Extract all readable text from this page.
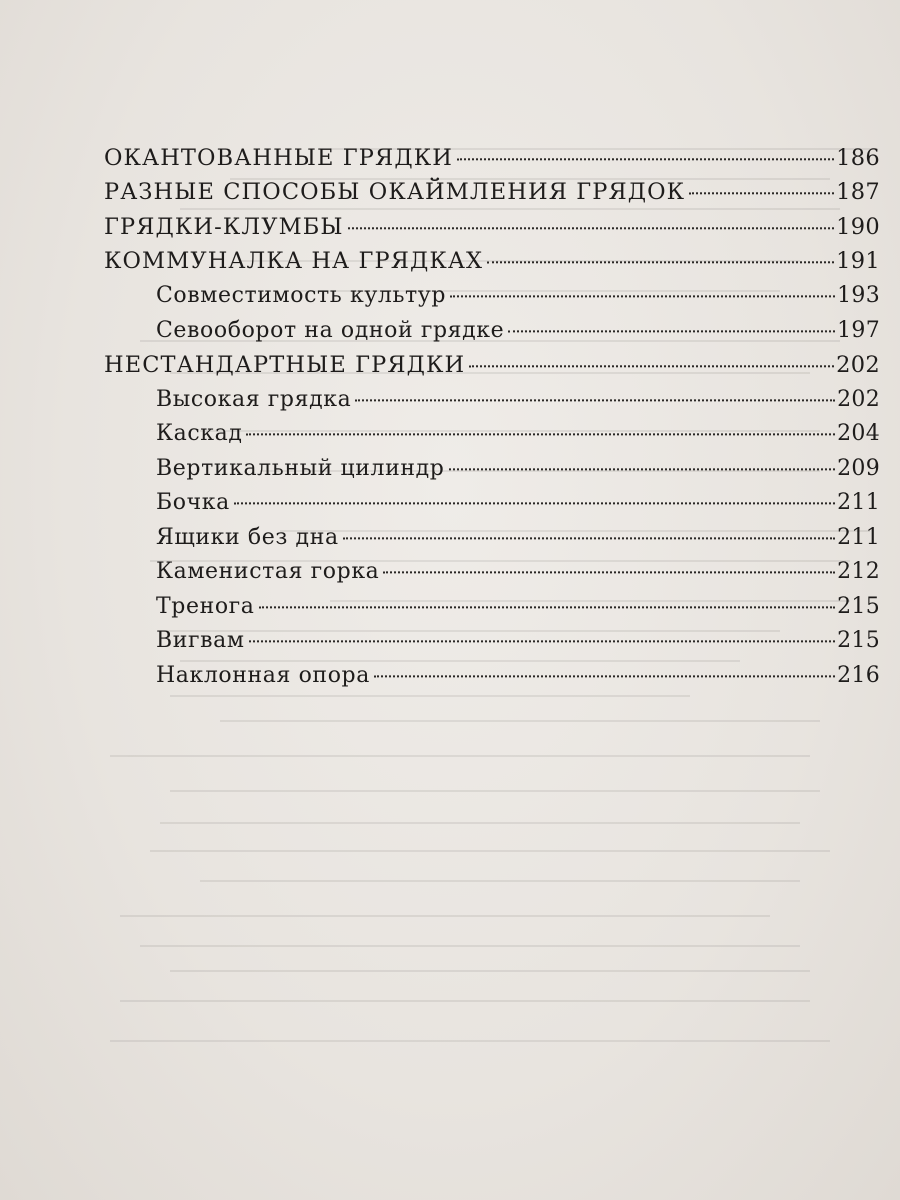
ОКАНТОВАННЫЕ ГРЯДКИ	186
РАЗНЫЕ СПОСОБЫ ОКАЙМЛЕНИЯ ГРЯДОК	187
ГРЯДКИ-КЛУМБЫ	190
КОММУНАЛКА НА ГРЯДКАХ	191
Совместимость культур	193
Севооборот на одной грядке	197
НЕСТАНДАРТНЫЕ ГРЯДКИ	202
Высокая грядка	202
Каскад	204
Вертикальный цилиндр	209
Бочка	211
Ящики без дна	211
Каменистая горка	212
Тренога	215
Вигвам	215
Наклонная опора	216
